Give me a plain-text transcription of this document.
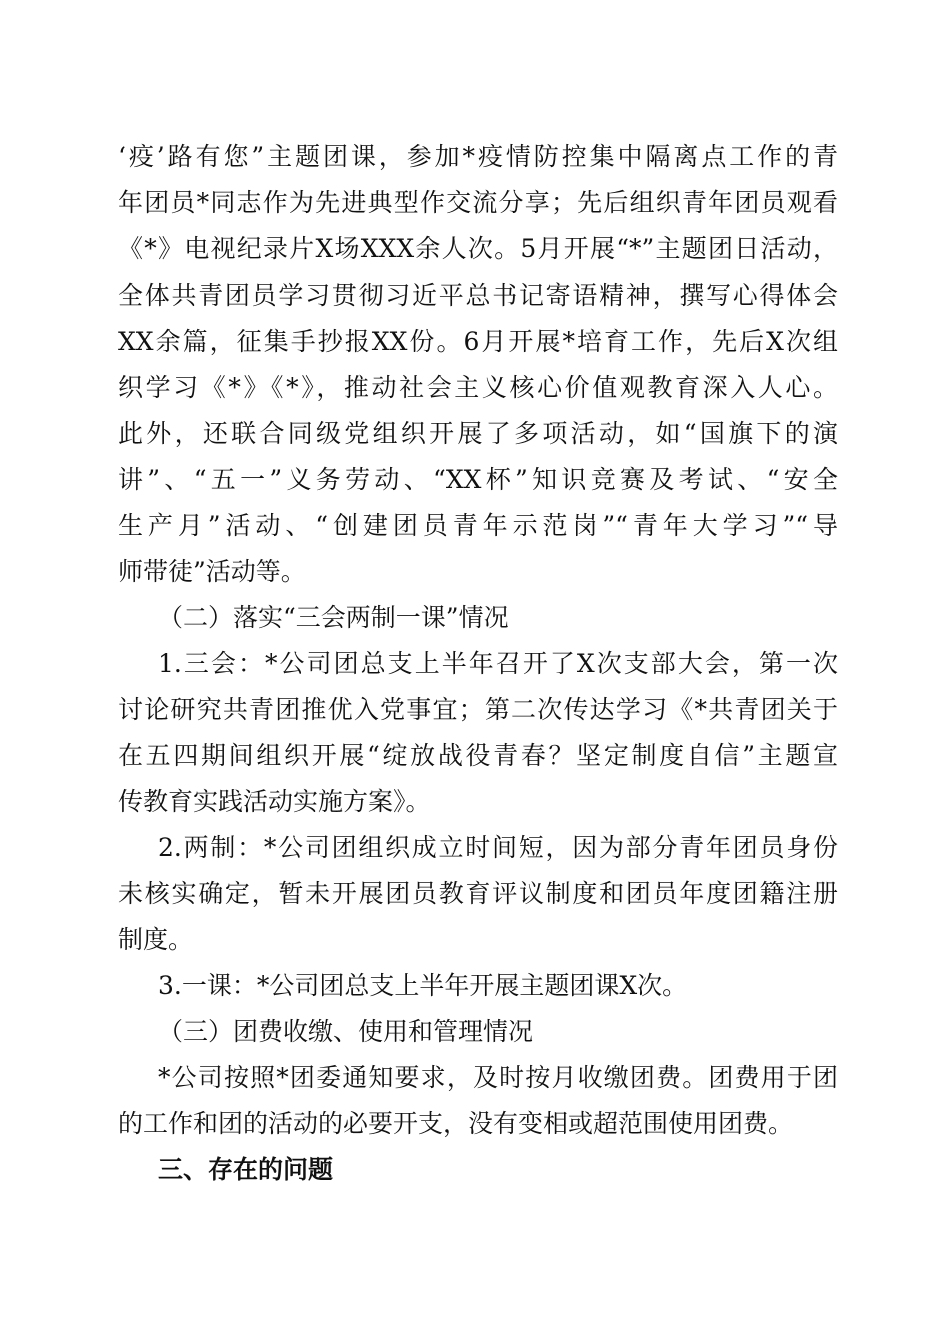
‘疫’路有您”主题团课，参加*疫情防控集中隔离点工作的青
年团员*同志作为先进典型作交流分享；先后组织青年团员观看
《*》电视纪录片X场XXX余人次。5月开展“*”主题团日活动，
全体共青团员学习贯彻习近平总书记寄语精神，撰写心得体会
XX余篇，征集手抄报XX份。6月开展*培育工作，先后X次组
织学习《*》《*》，推动社会主义核心价值观教育深入人心。
此外，还联合同级党组织开展了多项活动，如“国旗下的演
讲”、“五一”义务劳动、“XX杯”知识竞赛及考试、“安全
生产月”活动、“创建团员青年示范岗”“青年大学习”“导
师带徒”活动等。
（二）落实“三会两制一课”情况
1.三会：*公司团总支上半年召开了X次支部大会，第一次
讨论研究共青团推优入党事宜；第二次传达学习《*共青团关于
在五四期间组织开展“绽放战役青春？坚定制度自信”主题宣
传教育实践活动实施方案》。
2.两制：*公司团组织成立时间短，因为部分青年团员身份
未核实确定，暂未开展团员教育评议制度和团员年度团籍注册
制度。
3.一课：*公司团总支上半年开展主题团课X次。
（三）团费收缴、使用和管理情况
*公司按照*团委通知要求，及时按月收缴团费。团费用于团
的工作和团的活动的必要开支，没有变相或超范围使用团费。
三、存在的问题
